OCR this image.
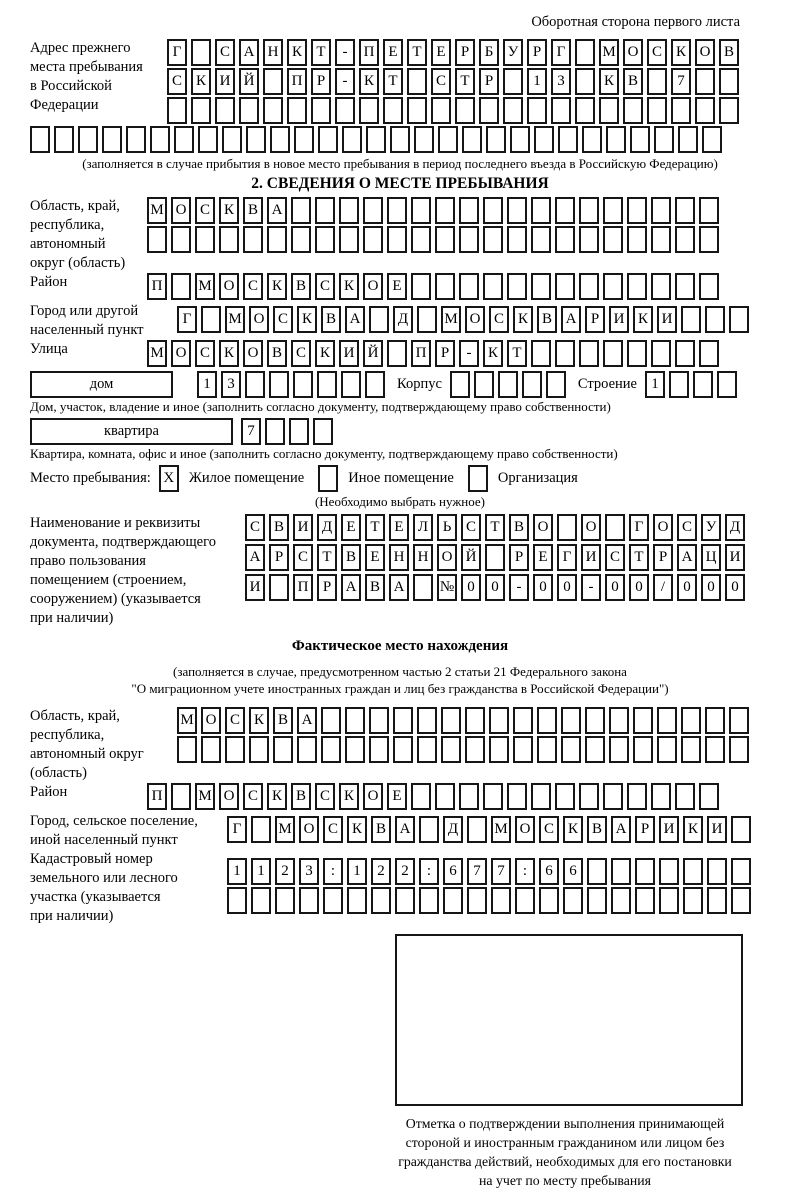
Оборотная сторона первого листа
Адрес прежнего
места пребывания
в Российской
Федерации
Г	С А Н К Т - П Е Т Е Р Б У Р Г М О С К О В
С К И Й П Р - К Т	С Т Р	1 3	К В	7
(заполняется в случае прибытия в новое место пребывания в период последнего въезда в Российскую Федерацию)
2. СВЕДЕНИЯ О МЕСТЕ ПРЕБЫВАНИЯ
Область, край,
республика,
автономный
округ (область)
М О С К В А
Район	П М О С К В С К О Е
Город или другой
населенный пункт
Г М О С К В А Д М О С К В А Р И К И
Улица	М О С К О В С К И Й П Р - К Т
дом	1 3	Корпус	Строение 1
Дом, участок, владение и иное (заполнить согласно документу, подтверждающему право собственности)
квартира	7
Квартира, комната, офис и иное (заполнить согласно документу, подтверждающему право собственности)
Место пребывания: X	Жилое помещение	Иное помещение	Организация
(Необходимо выбрать нужное)
Наименование и реквизиты
документа, подтверждающего
право пользования
помещением (строением,
сооружением) (указывается
при наличии)
С В И Д Е Т Е Л Ь С Т В О О	Г О С У Д
А Р С Т В Е Н Н О Й	Р Е Г И С Т Р А Ц И
И П Р А В А № 0 0 - 0 0 - 0 0 / 0 0 0
Фактическое место нахождения
(заполняется в случае, предусмотренном частью 2 статьи 21 Федерального закона
"О миграционном учете иностранных граждан и лиц без гражданства в Российской Федерации")
Область, край,
республика,
автономный округ
(область)
М О С К В А
Район	П М О С К В С К О Е
Город, сельское поселение,
иной населенный пункт
Г М О С К В А Д М О С К В А Р И К И
Кадастровый номер
земельного или лесного
участка (указывается
при наличии)
1 1 2 3 : 1 2 2 : 6 7 7 : 6 6
Отметка о подтверждении выполнения принимающей
стороной и иностранным гражданином или лицом без
гражданства действий, необходимых для его постановки
на учет по месту пребывания
